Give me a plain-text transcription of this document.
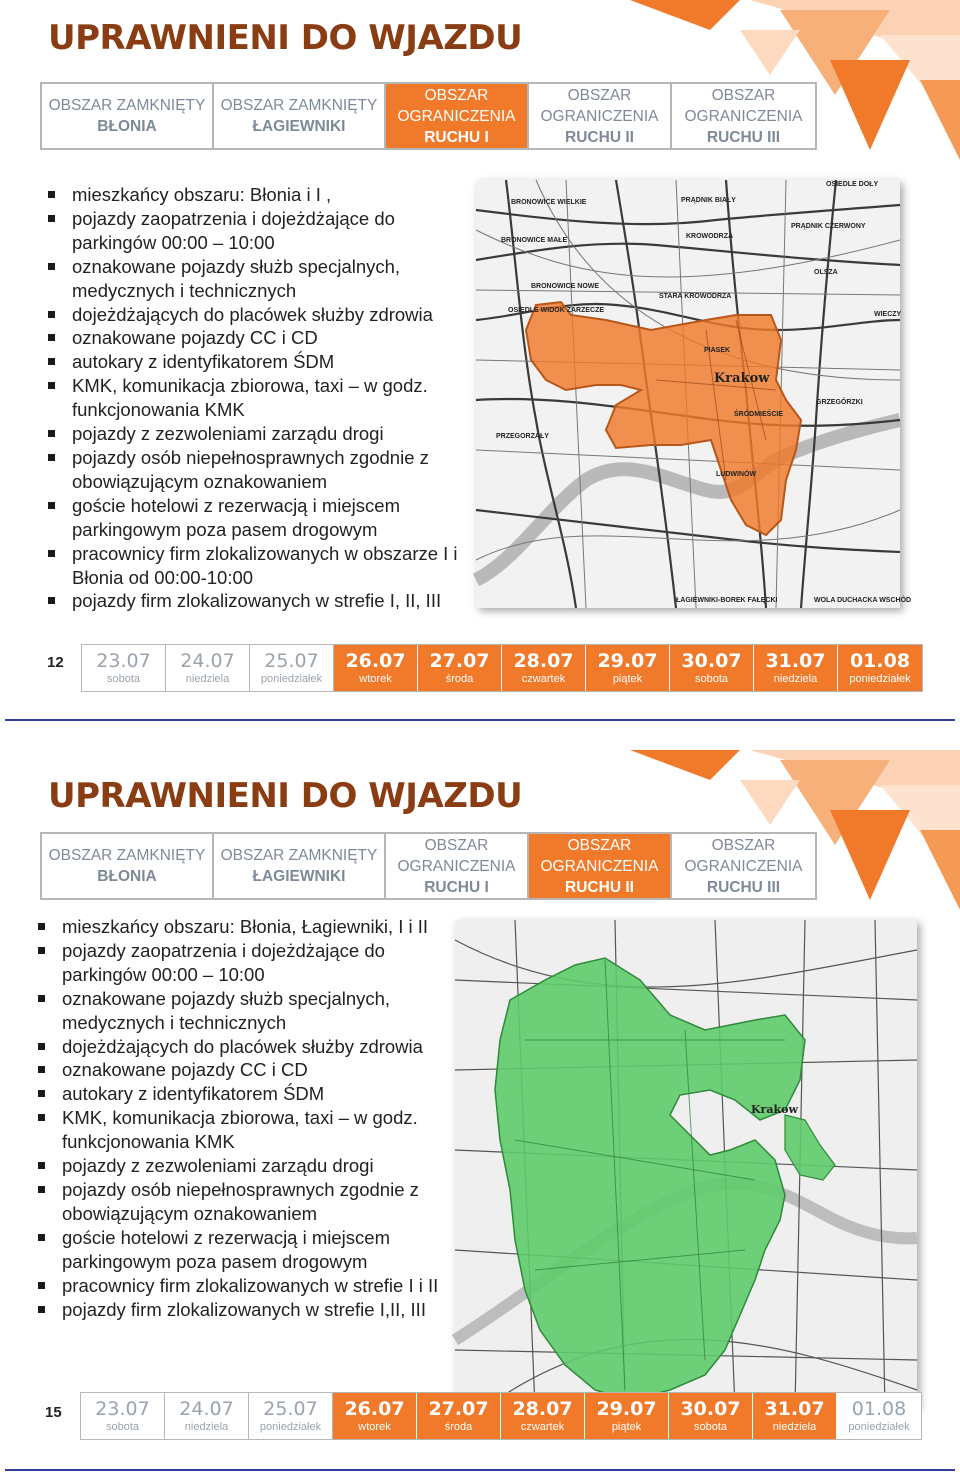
UPRAWNIENI DO WJAZDU
OBSZAR ZAMKNIĘTY
BŁONIA
OBSZAR ZAMKNIĘTY
ŁAGIEWNIKI
OBSZAR
OGRANICZENIA
RUCHU I
OBSZAR
OGRANICZENIA
RUCHU II
OBSZAR
OGRANICZENIA
RUCHU III
mieszkańcy obszaru: Błonia i I ,
pojazdy zaopatrzenia i dojeżdżające do parkingów 00:00 – 10:00
oznakowane pojazdy służb specjalnych, medycznych i technicznych
dojeżdżających do placówek służby zdrowia
oznakowane pojazdy CC i CD
autokary z identyfikatorem ŚDM
KMK, komunikacja zbiorowa, taxi – w godz. funkcjonowania KMK
pojazdy z zezwoleniami zarządu drogi
pojazdy osób niepełnosprawnych zgodnie z obowiązującym oznakowaniem
goście hotelowi z rezerwacją i miejscem parkingowym poza pasem drogowym
pracownicy firm zlokalizowanych w obszarze I i Błonia od 00:00-10:00
pojazdy firm zlokalizowanych w strefie I, II, III
BRONOWICE WIELKIE
BRONOWICE MAŁE
BRONOWICE NOWE
OSIEDLE WIDOK ZARZECZE
PRĄDNIK BIAŁY
KROWODRZA
PRĄDNIK CZERWONY
STARA KROWODRZA
OLSZA
PIASEK
WIECZY
GRZEGÓRZKI
PRZEGORZAŁY
ŚRÓDMIEŚCIE
LUDWINÓW
ŁAGIEWNIKI-BOREK FAŁĘCKI	WOLA DUCHACKA WSCHÓD
OSIEDLE DOŁY
Krakow
12 23.07
sobota
24.07
niedziela
25.07
poniedziałek
26.07
wtorek
27.07
środa
28.07
czwartek
29.07
piątek
30.07
sobota
31.07
niedziela
01.08
poniedziałek
UPRAWNIENI DO WJAZDU
OBSZAR ZAMKNIĘTY
BŁONIA
OBSZAR ZAMKNIĘTY
ŁAGIEWNIKI
OBSZAR
OGRANICZENIA
RUCHU I
OBSZAR
OGRANICZENIA
RUCHU II
OBSZAR
OGRANICZENIA
RUCHU III
mieszkańcy obszaru: Błonia, Łagiewniki, I i II
pojazdy zaopatrzenia i dojeżdżające do parkingów 00:00 – 10:00
oznakowane pojazdy służb specjalnych, medycznych i technicznych
dojeżdżających do placówek służby zdrowia
oznakowane pojazdy CC i CD
autokary z identyfikatorem ŚDM
KMK, komunikacja zbiorowa, taxi – w godz. funkcjonowania KMK
pojazdy z zezwoleniami zarządu drogi
pojazdy osób niepełnosprawnych zgodnie z obowiązującym oznakowaniem
goście hotelowi z rezerwacją i miejscem parkingowym poza pasem drogowym
pracownicy firm zlokalizowanych w strefie I i II
pojazdy firm zlokalizowanych w strefie I,II, III
Krakow
15 23.07
sobota
24.07
niedziela
25.07
poniedziałek
26.07
wtorek
27.07
środa
28.07
czwartek
29.07
piątek
30.07
sobota
31.07
niedziela
01.08
poniedziałek
